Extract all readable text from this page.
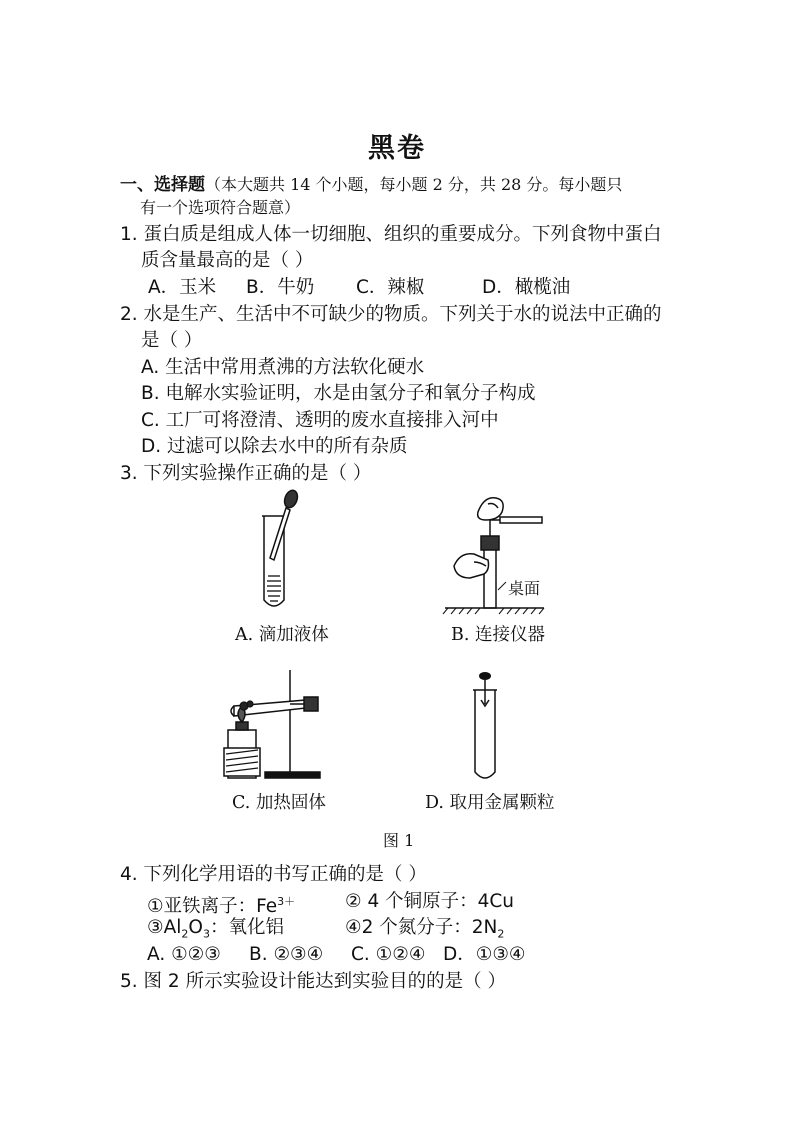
黑卷
一、选择题（本大题共 14 个小题，每小题 2 分，共 28 分。每小题只
有一个选项符合题意）
1. 蛋白质是组成人体一切细胞、组织的重要成分。下列食物中蛋白
质含量最高的是（ ）
A．玉米 B．牛奶 C．辣椒	D．橄榄油
2. 水是生产、生活中不可缺少的物质。下列关于水的说法中正确的
是（ ）
A. 生活中常用煮沸的方法软化硬水
B. 电解水实验证明，水是由氢分子和氧分子构成
C. 工厂可将澄清、透明的废水直接排入河中
D. 过滤可以除去水中的所有杂质
3. 下列实验操作正确的是（ ）
A. 滴加液体
桌面
B. 连接仪器
C. 加热固体	D. 取用金属颗粒
图 1
4. 下列化学用语的书写正确的是（ ）
①亚铁离子：$Fe^{3+}$	② 4 个铜原子：4Cu
$③Al_2O_3$：氧化铝	④2 个氮分子：$2N_2$
A. ①②③ B. ②③④ C. ①②④ D．①③④
5. 图 2 所示实验设计能达到实验目的的是（ ）
